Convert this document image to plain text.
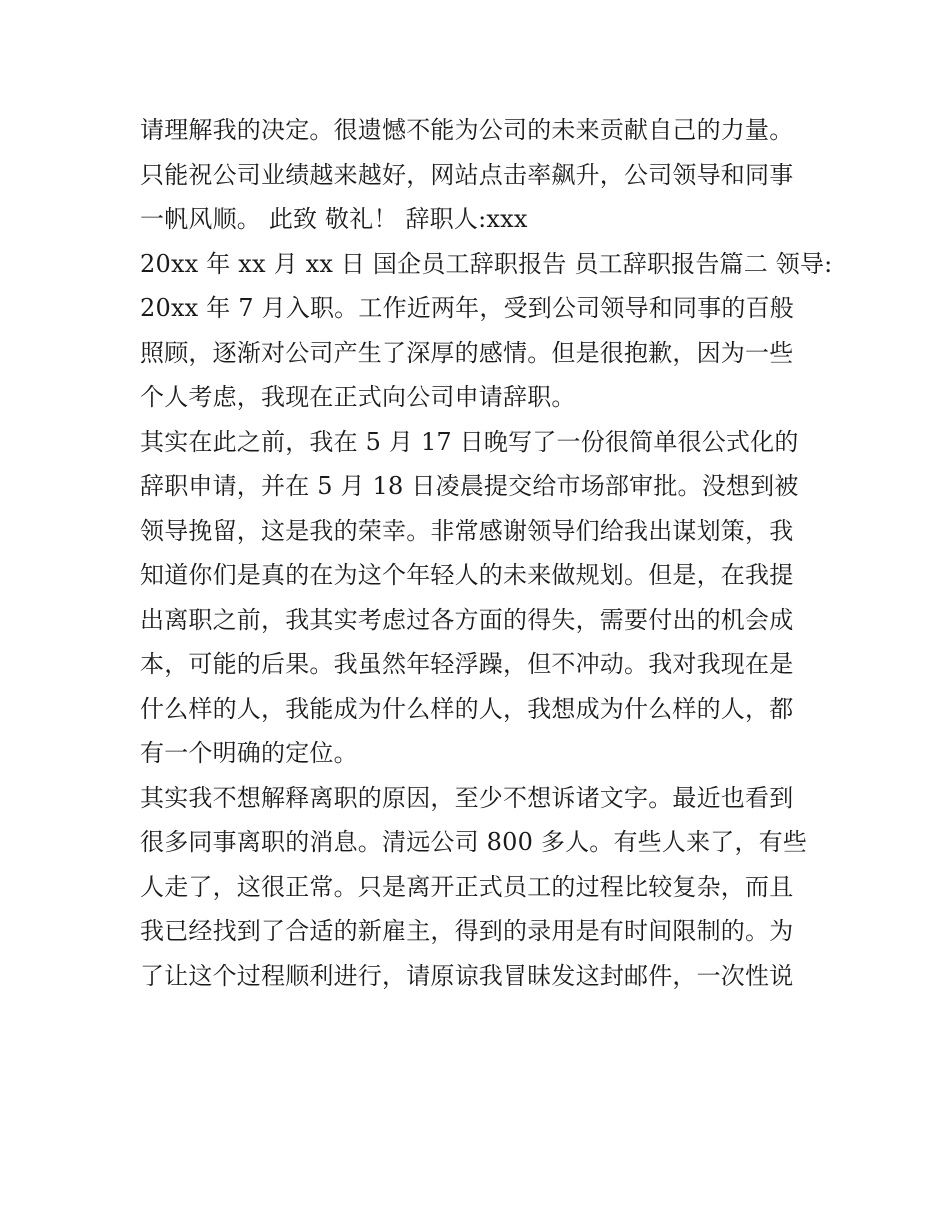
请理解我的决定。很遗憾不能为公司的未来贡献自己的力量。
只能祝公司业绩越来越好，网站点击率飙升，公司领导和同事
一帆风顺。 此致 敬礼！ 辞职人:xxx
20xx 年 xx 月 xx 日 国企员工辞职报告 员工辞职报告篇二 领导:
20xx 年 7 月入职。工作近两年，受到公司领导和同事的百般
照顾，逐渐对公司产生了深厚的感情。但是很抱歉，因为一些
个人考虑，我现在正式向公司申请辞职。
其实在此之前，我在 5 月 17 日晚写了一份很简单很公式化的
辞职申请，并在 5 月 18 日凌晨提交给市场部审批。没想到被
领导挽留，这是我的荣幸。非常感谢领导们给我出谋划策，我
知道你们是真的在为这个年轻人的未来做规划。但是，在我提
出离职之前，我其实考虑过各方面的得失，需要付出的机会成
本，可能的后果。我虽然年轻浮躁，但不冲动。我对我现在是
什么样的人，我能成为什么样的人，我想成为什么样的人，都
有一个明确的定位。
其实我不想解释离职的原因，至少不想诉诸文字。最近也看到
很多同事离职的消息。清远公司 800 多人。有些人来了，有些
人走了，这很正常。只是离开正式员工的过程比较复杂，而且
我已经找到了合适的新雇主，得到的录用是有时间限制的。为
了让这个过程顺利进行，请原谅我冒昧发这封邮件，一次性说
